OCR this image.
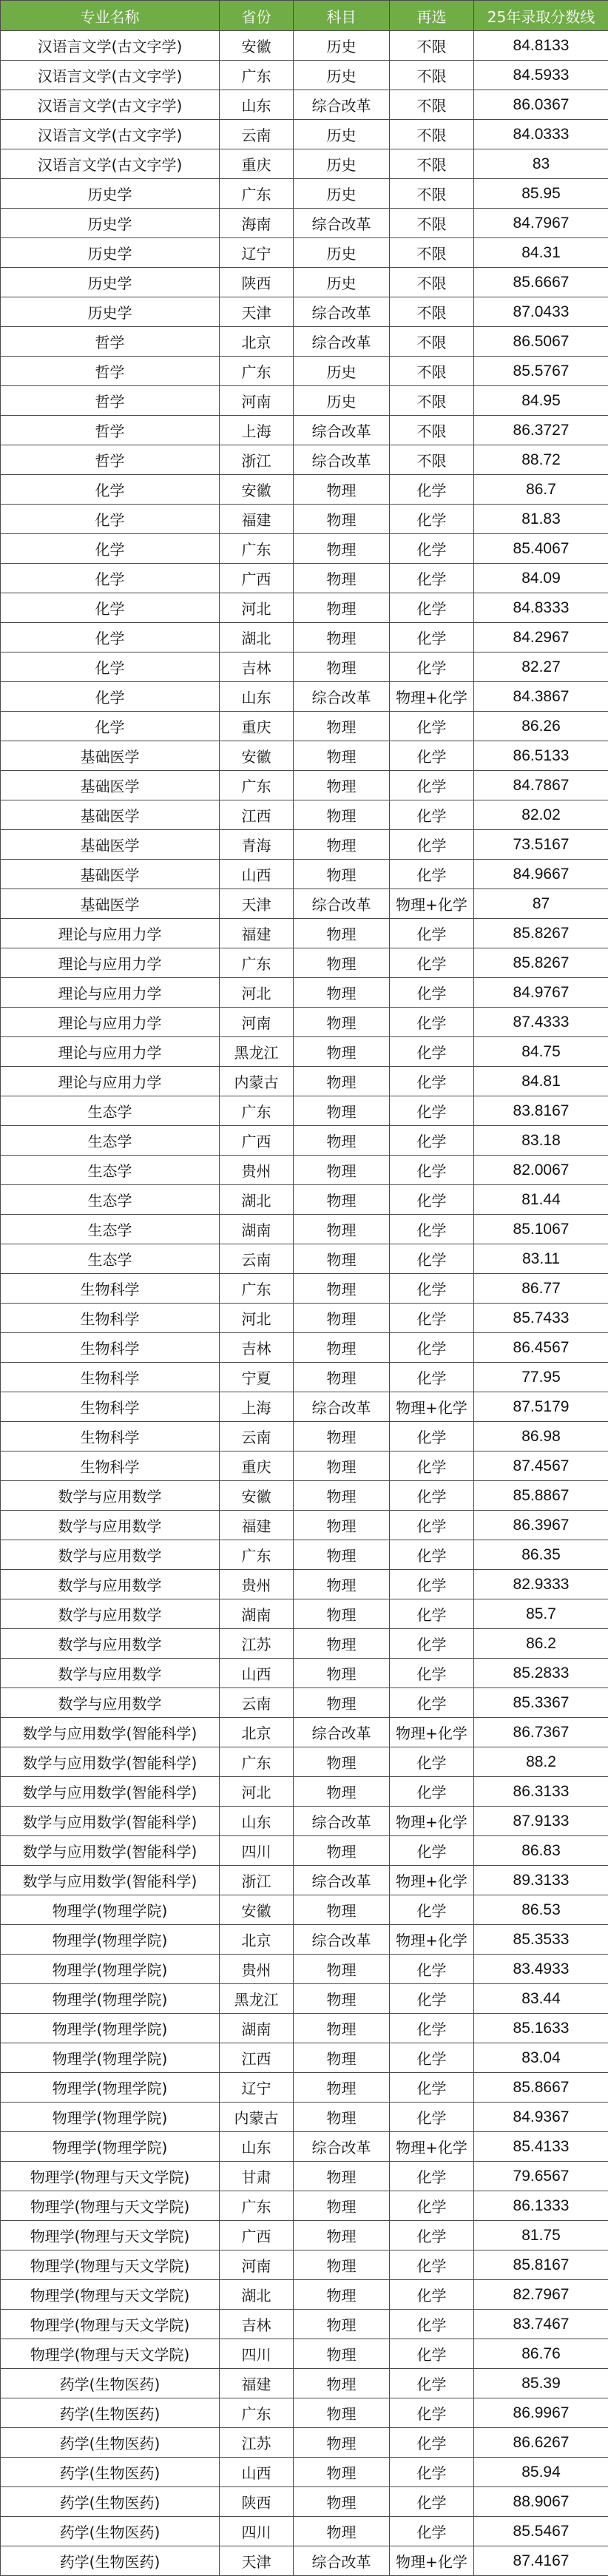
专业名称	省份	科目	再选	25年录取分数线
汉语言文学(古文字学)	安徽	历史	不限	84.8133
汉语言文学(古文字学)	广东	历史	不限	84.5933
汉语言文学(古文字学)	山东	综合改革	不限	86.0367
汉语言文学(古文字学)	云南	历史	不限	84.0333
汉语言文学(古文字学)	重庆	历史	不限	83
历史学	广东	历史	不限	85.95
历史学	海南	综合改革	不限	84.7967
历史学	辽宁	历史	不限	84.31
历史学	陕西	历史	不限	85.6667
历史学	天津	综合改革	不限	87.0433
哲学	北京	综合改革	不限	86.5067
哲学	广东	历史	不限	85.5767
哲学	河南	历史	不限	84.95
哲学	上海	综合改革	不限	86.3727
哲学	浙江	综合改革	不限	88.72
化学	安徽	物理	化学	86.7
化学	福建	物理	化学	81.83
化学	广东	物理	化学	85.4067
化学	广西	物理	化学	84.09
化学	河北	物理	化学	84.8333
化学	湖北	物理	化学	84.2967
化学	吉林	物理	化学	82.27
化学	山东	综合改革	物理+化学	84.3867
化学	重庆	物理	化学	86.26
基础医学	安徽	物理	化学	86.5133
基础医学	广东	物理	化学	84.7867
基础医学	江西	物理	化学	82.02
基础医学	青海	物理	化学	73.5167
基础医学	山西	物理	化学	84.9667
基础医学	天津	综合改革	物理+化学	87
理论与应用力学	福建	物理	化学	85.8267
理论与应用力学	广东	物理	化学	85.8267
理论与应用力学	河北	物理	化学	84.9767
理论与应用力学	河南	物理	化学	87.4333
理论与应用力学	黑龙江	物理	化学	84.75
理论与应用力学	内蒙古	物理	化学	84.81
生态学	广东	物理	化学	83.8167
生态学	广西	物理	化学	83.18
生态学	贵州	物理	化学	82.0067
生态学	湖北	物理	化学	81.44
生态学	湖南	物理	化学	85.1067
生态学	云南	物理	化学	83.11
生物科学	广东	物理	化学	86.77
生物科学	河北	物理	化学	85.7433
生物科学	吉林	物理	化学	86.4567
生物科学	宁夏	物理	化学	77.95
生物科学	上海	综合改革	物理+化学	87.5179
生物科学	云南	物理	化学	86.98
生物科学	重庆	物理	化学	87.4567
数学与应用数学	安徽	物理	化学	85.8867
数学与应用数学	福建	物理	化学	86.3967
数学与应用数学	广东	物理	化学	86.35
数学与应用数学	贵州	物理	化学	82.9333
数学与应用数学	湖南	物理	化学	85.7
数学与应用数学	江苏	物理	化学	86.2
数学与应用数学	山西	物理	化学	85.2833
数学与应用数学	云南	物理	化学	85.3367
数学与应用数学(智能科学)	北京	综合改革	物理+化学	86.7367
数学与应用数学(智能科学)	广东	物理	化学	88.2
数学与应用数学(智能科学)	河北	物理	化学	86.3133
数学与应用数学(智能科学)	山东	综合改革	物理+化学	87.9133
数学与应用数学(智能科学)	四川	物理	化学	86.83
数学与应用数学(智能科学)	浙江	综合改革	物理+化学	89.3133
物理学(物理学院)	安徽	物理	化学	86.53
物理学(物理学院)	北京	综合改革	物理+化学	85.3533
物理学(物理学院)	贵州	物理	化学	83.4933
物理学(物理学院)	黑龙江	物理	化学	83.44
物理学(物理学院)	湖南	物理	化学	85.1633
物理学(物理学院)	江西	物理	化学	83.04
物理学(物理学院)	辽宁	物理	化学	85.8667
物理学(物理学院)	内蒙古	物理	化学	84.9367
物理学(物理学院)	山东	综合改革	物理+化学	85.4133
物理学(物理与天文学院)	甘肃	物理	化学	79.6567
物理学(物理与天文学院)	广东	物理	化学	86.1333
物理学(物理与天文学院)	广西	物理	化学	81.75
物理学(物理与天文学院)	河南	物理	化学	85.8167
物理学(物理与天文学院)	湖北	物理	化学	82.7967
物理学(物理与天文学院)	吉林	物理	化学	83.7467
物理学(物理与天文学院)	四川	物理	化学	86.76
药学(生物医药)	福建	物理	化学	85.39
药学(生物医药)	广东	物理	化学	86.9967
药学(生物医药)	江苏	物理	化学	86.6267
药学(生物医药)	山西	物理	化学	85.94
药学(生物医药)	陕西	物理	化学	88.9067
药学(生物医药)	四川	物理	化学	85.5467
药学(生物医药)	天津	综合改革	物理+化学	87.4167
